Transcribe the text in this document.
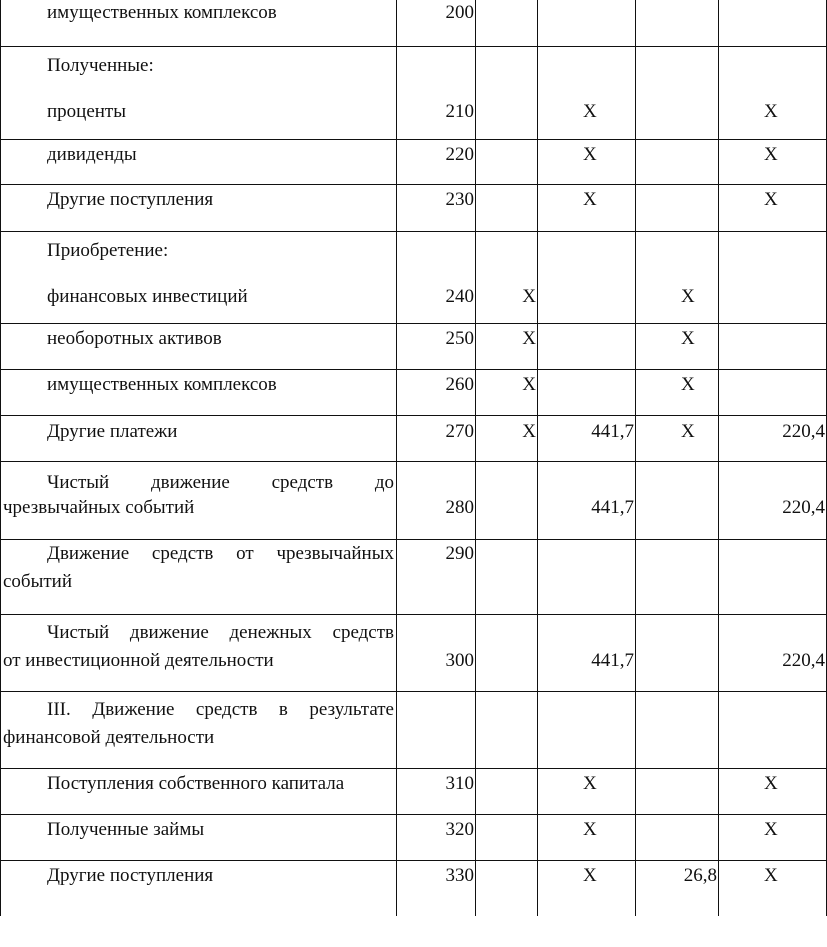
имущественных комплексов	200				

Полученные:
проценты	210		X		X

дивиденды	220		X		X

Другие поступления	230		X		X

Приобретение:
финансовых инвестиций	240	X		X	

необоротных активов	250	X		X	

имущественных комплексов	260	X		X	

Другие платежи	270	X	441,7	X	220,4

Чистый движение средств до
чрезвычайных событий	280		441,7		220,4

Движение средств от чрезвычайных
событий	290				

Чистый движение денежных средств
от инвестиционной деятельности	300		441,7		220,4

III. Движение средств в результате
финансовой деятельности					

Поступления собственного капитала	310		X		X

Полученные займы	320		X		X

Другие поступления	330		X	26,8	X
